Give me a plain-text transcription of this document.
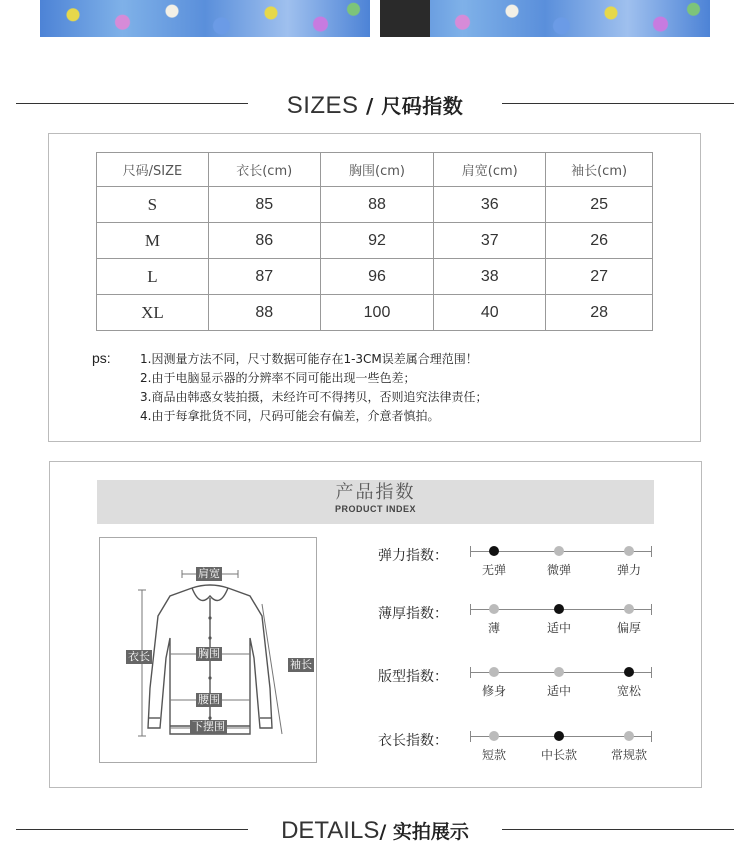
SIZES / 尺码指数
尺码/SIZE	衣长(cm)	胸围(cm)	肩宽(cm)	袖长(cm)
S	85	88	36	25
M	86	92	37	26
L	87	96	38	27
XL	88	100	40	28
ps: 1.因测量方法不同，尺寸数据可能存在1-3CM误差属合理范围！
2.由于电脑显示器的分辨率不同可能出现一些色差；
3.商品由韩惑女装拍摄，未经许可不得拷贝，否则追究法律责任；
4.由于每拿批货不同，尺码可能会有偏差，介意者慎拍。
产品指数
PRODUCT INDEX
肩宽
衣长	胸围
袖长
腰围
下摆围
弹力指数：
无弹	微弹	弹力
薄厚指数：
薄	适中	偏厚
版型指数：
修身	适中	宽松
衣长指数：
短款	中长款	常规款
DETAILS/ 实拍展示
